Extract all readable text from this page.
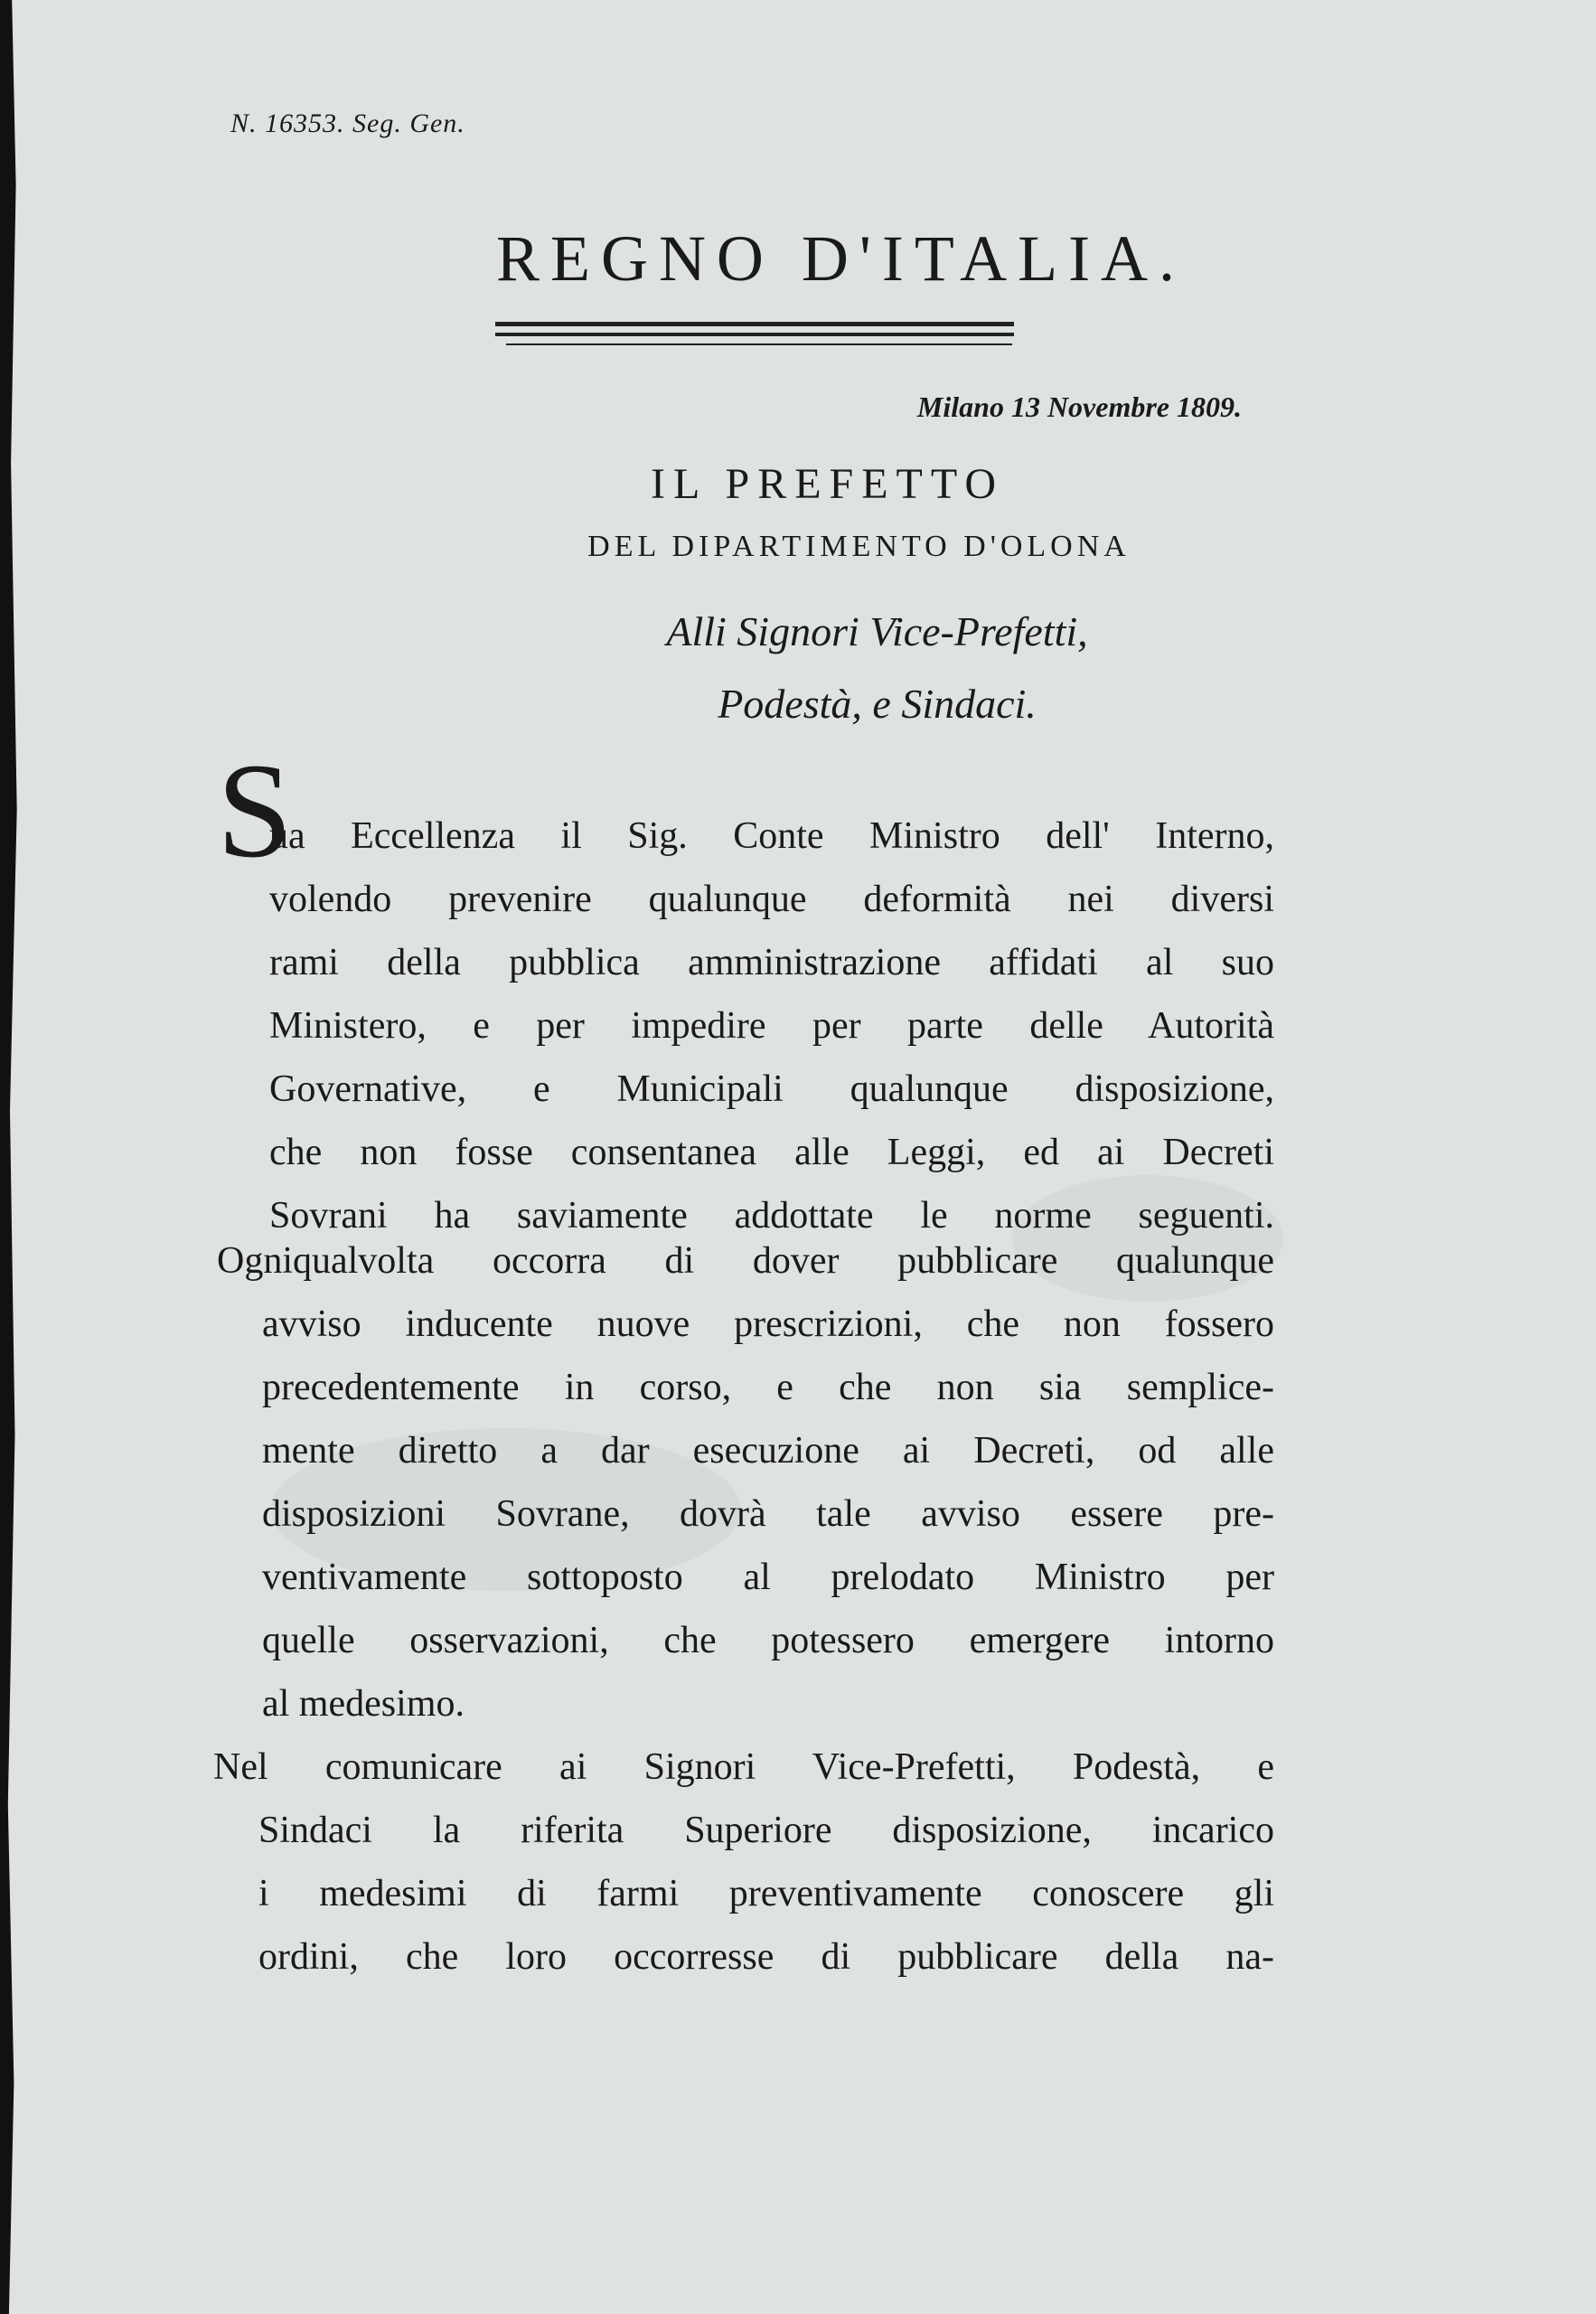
N. 16353. Seg. Gen.
REGNO D'ITALIA.
Milano 13 Novembre 1809.
IL PREFETTO
DEL DIPARTIMENTO D'OLONA
Alli Signori Vice-Prefetti,
Podestà, e Sindaci.
S
ua Eccellenza il Sig. Conte Ministro dell' Interno,
volendo prevenire qualunque deformità nei diversi
rami della pubblica amministrazione affidati al suo
Ministero, e per impedire per parte delle Autorità
Governative, e Municipali qualunque disposizione,
che non fosse consentanea alle Leggi, ed ai Decreti
Sovrani ha saviamente addottate le norme seguenti.
Ogniqualvolta occorra di dover pubblicare qualunque
avviso inducente nuove prescrizioni, che non fossero
precedentemente in corso, e che non sia semplice-
mente diretto a dar esecuzione ai Decreti, od alle
disposizioni Sovrane, dovrà tale avviso essere pre-
ventivamente sottoposto al prelodato Ministro per
quelle osservazioni, che potessero emergere intorno
al medesimo.
Nel comunicare ai Signori Vice-Prefetti, Podestà, e
Sindaci la riferita Superiore disposizione, incarico
i medesimi di farmi preventivamente conoscere gli
ordini, che loro occorresse di pubblicare della na-
